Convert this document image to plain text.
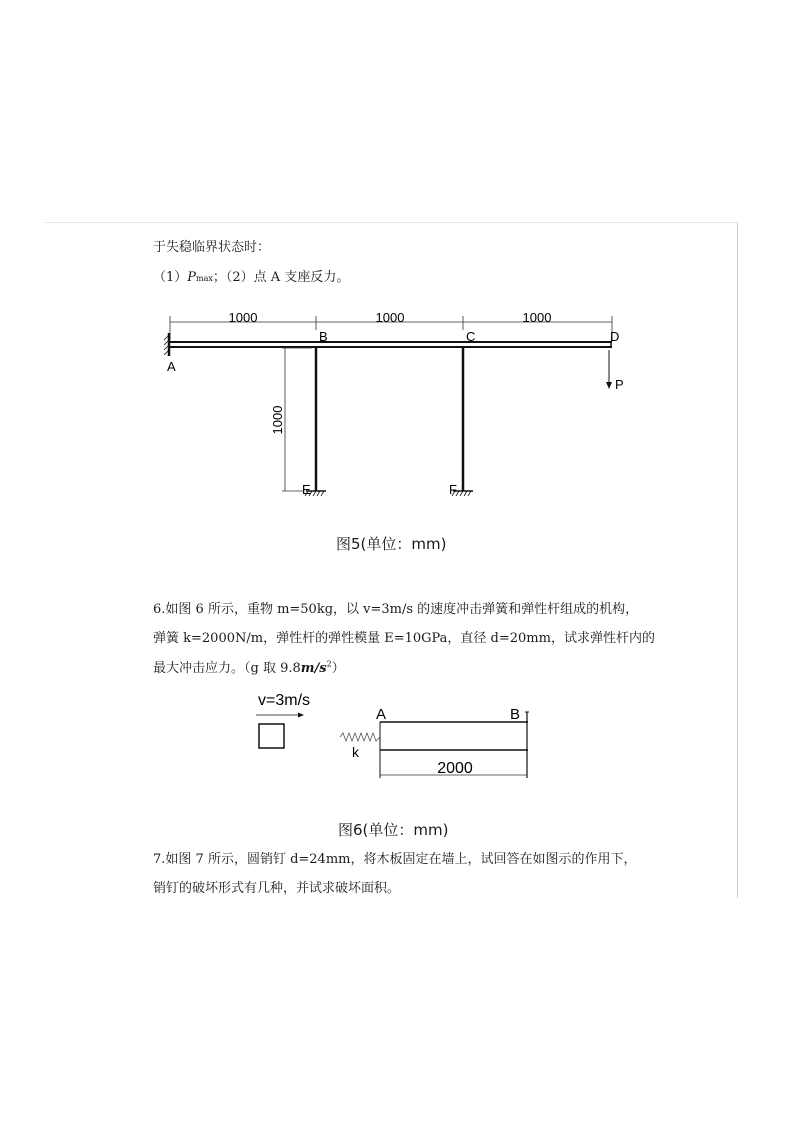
于失稳临界状态时：
（1）Pmax；（2）点 A 支座反力。
1000	1000	1000
1000
A
B	C	D
E	F
P
v=3m/s
2000
A	B
k
图5(单位：mm)
6.如图 6 所示，重物 m=50kg，以 v=3m/s 的速度冲击弹簧和弹性杆组成的机构，
弹簧 k=2000N/m，弹性杆的弹性模量 E=10GPa，直径 d=20mm，试求弹性杆内的
最大冲击应力。（g 取 $9.8m/s^2$）
图6(单位：mm)
7.如图 7 所示，圆销钉 d=24mm，将木板固定在墙上，试回答在如图示的作用下，
销钉的破坏形式有几种，并试求破坏面积。
